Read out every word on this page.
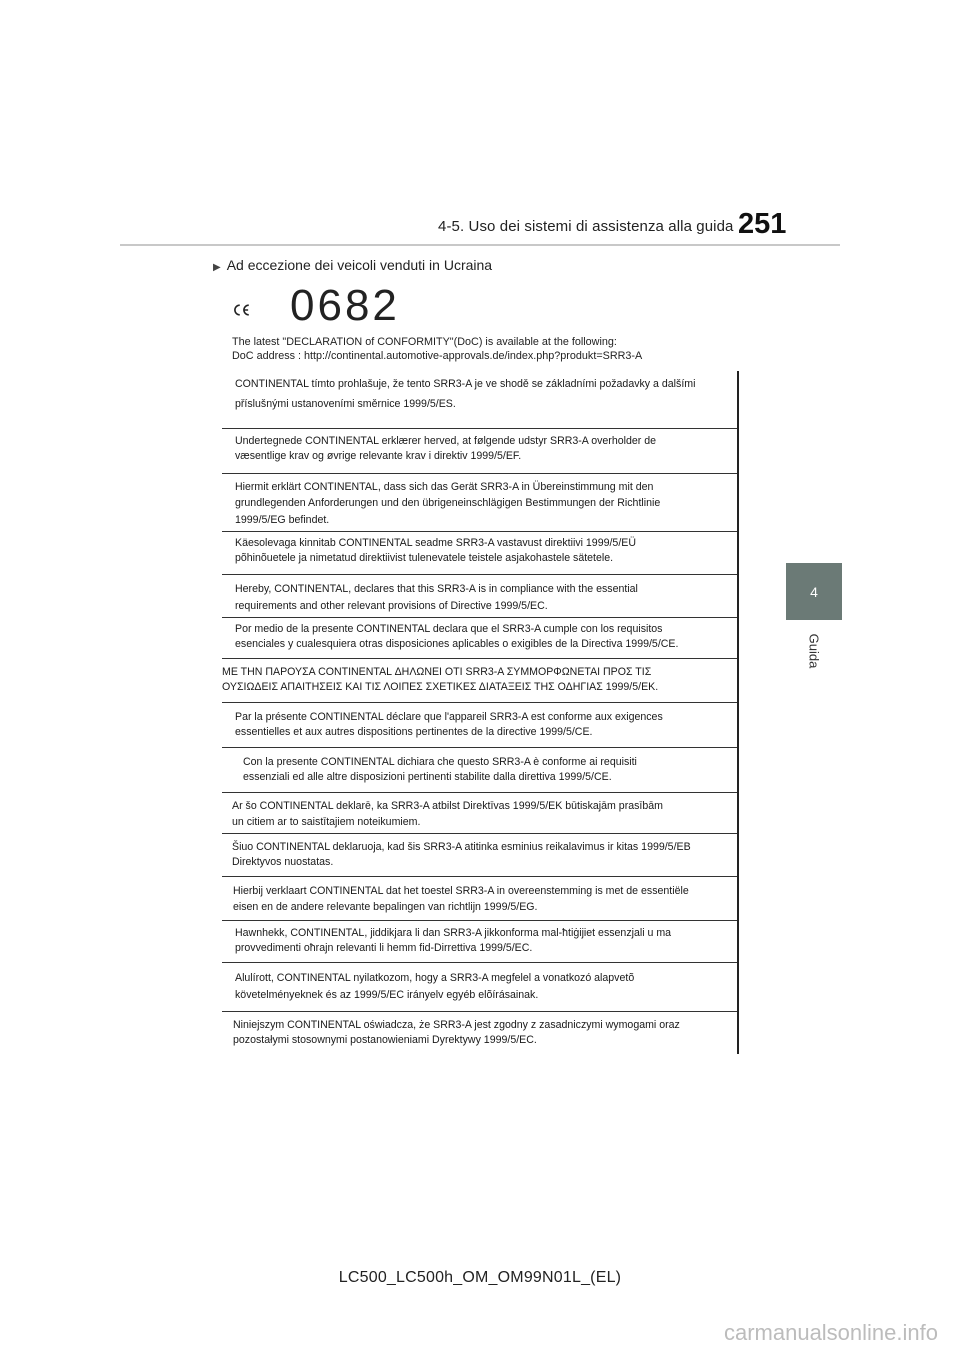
4-5. Uso dei sistemi di assistenza alla guida 251
▶ Ad eccezione dei veicoli venduti in Ucraina
4
Guida
0682
The latest "DECLARATION of CONFORMITY"(DoC) is available at the following:
DoC address : http://continental.automotive-approvals.de/index.php?produkt=SRR3-A
CONTINENTAL tímto prohlašuje, že tento SRR3-A je ve shodě se základními požadavky a dalšími
příslušnými ustanoveními směrnice 1999/5/ES.
Undertegnede CONTINENTAL erklærer herved, at følgende udstyr SRR3-A overholder de
væsentlige krav og øvrige relevante krav i direktiv 1999/5/EF.
Hiermit erklärt CONTINENTAL, dass sich das Gerät SRR3-A in Übereinstimmung mit den
grundlegenden Anforderungen und den übrigeneinschlägigen Bestimmungen der Richtlinie
1999/5/EG befindet.
Käesolevaga kinnitab CONTINENTAL seadme SRR3-A vastavust direktiivi 1999/5/EÜ
põhinõuetele ja nimetatud direktiivist tulenevatele teistele asjakohastele sätetele.
Hereby, CONTINENTAL, declares that this SRR3-A is in compliance with the essential
requirements and other relevant provisions of Directive 1999/5/EC.
Por medio de la presente CONTINENTAL declara que el SRR3-A cumple con los requisitos
esenciales y cualesquiera otras disposiciones aplicables o exigibles de la Directiva 1999/5/CE.
ΜΕ ΤΗΝ ΠΑΡΟΥΣΑ CONTINENTAL ΔΗΛΩΝΕΙ ΟΤΙ SRR3-A ΣΥΜΜΟΡΦΩΝΕΤΑΙ ΠΡΟΣ ΤΙΣ
ΟΥΣΙΩΔΕΙΣ ΑΠΑΙΤΗΣΕΙΣ ΚΑΙ ΤΙΣ ΛΟΙΠΕΣ ΣΧΕΤΙΚΕΣ ΔΙΑΤΑΞΕΙΣ ΤΗΣ ΟΔΗΓΙΑΣ 1999/5/ΕΚ.
Par la présente CONTINENTAL déclare que l'appareil SRR3-A est conforme aux exigences
essentielles et aux autres dispositions pertinentes de la directive 1999/5/CE.
Con la presente CONTINENTAL dichiara che questo SRR3-A è conforme ai requisiti
essenziali ed alle altre disposizioni pertinenti stabilite dalla direttiva 1999/5/CE.
Ar šo CONTINENTAL deklarē, ka SRR3-A atbilst Direktīvas 1999/5/EK būtiskajām prasībām
un citiem ar to saistītajiem noteikumiem.
Šiuo CONTINENTAL deklaruoja, kad šis SRR3-A atitinka esminius reikalavimus ir kitas 1999/5/EB
Direktyvos nuostatas.
Hierbij verklaart CONTINENTAL dat het toestel SRR3-A in overeenstemming is met de essentiële
eisen en de andere relevante bepalingen van richtlijn 1999/5/EG.
Hawnhekk, CONTINENTAL, jiddikjara li dan SRR3-A jikkonforma mal-ħtiġijiet essenzjali u ma
provvedimenti oħrajn relevanti li hemm fid-Dirrettiva 1999/5/EC.
Alulírott, CONTINENTAL nyilatkozom, hogy a SRR3-A megfelel a vonatkozó alapvetõ
követelményeknek és az 1999/5/EC irányelv egyéb elõírásainak.
Niniejszym CONTINENTAL oświadcza, że SRR3-A jest zgodny z zasadniczymi wymogami oraz
pozostałymi stosownymi postanowieniami Dyrektywy 1999/5/EC.
LC500_LC500h_OM_OM99N01L_(EL)
carmanualsonline.info
